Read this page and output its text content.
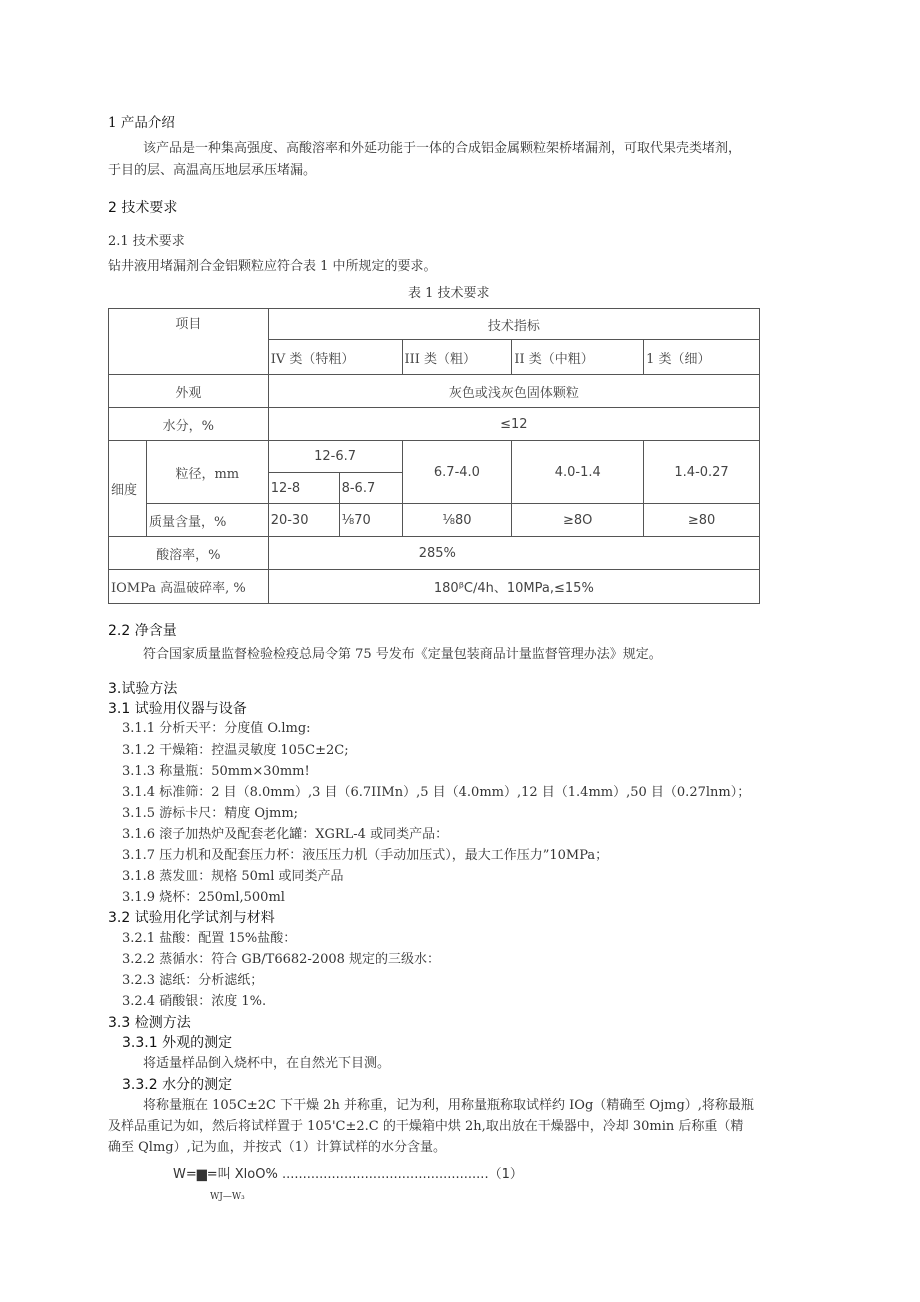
1 产品介绍
该产品是一种集高强度、高酸溶率和外延功能于一体的合成铝金属颗粒架桥堵漏剂，可取代果壳类堵剂，
于目的层、高温高压地层承压堵漏。
2 技术要求
2.1 技术要求
钻井液用堵漏剂合金铝颗粒应符合表 1 中所规定的要求。
表 1 技术要求
项目		技术指标				
		IV 类（特粗）		III 类（粗）	II 类（中粗）	1 类（细）
外观		灰色或浅灰色固体颗粒				
水分，%		≤12				
细度	粒径，mm	12-6.7		6.7-4.0	4.0-1.4	1.4-0.27
		12-8	8-6.7			
	质量含量，%	20-30	⅛70	⅛80	≥8O	≥80
酸溶率，%		285%				
IOMPa 高温破碎率, %		180ᵝC∕4h、10MPa,≤15%				
2.2 净含量
符合国家质量监督检验检疫总局令第 75 号发布《定量包装商品计量监督管理办法》规定。
3.试验方法
3.1 试验用仪器与设备
3.1.1 分析天平：分度值 O.lmg:
3.1.2 干燥箱：控温灵敏度 105C±2C;
3.1.3 称量瓶：50mm×30mm!
3.1.4 标准筛：2 目（8.0mm）,3 目（6.7IIMn）,5 目（4.0mm）,12 目（1.4mm）,50 目（0.27lnm）；
3.1.5 游标卡尺：精度 Ojmm;
3.1.6 滚子加热炉及配套老化罐：XGRL-4 或同类产品：
3.1.7 压力机和及配套压力杯：液压压力机（手动加压式），最大工作压力”10MPa；
3.1.8 蒸发皿：规格 50ml 或同类产品
3.1.9 烧杯：250ml,500ml
3.2 试验用化学试剂与材料
3.2.1 盐酸：配置 15%盐酸：
3.2.2 蒸循水：符合 GB/T6682-2008 规定的三级水：
3.2.3 滤纸：分析滤纸；
3.2.4 硝酸银：浓度 1%.
3.3 检测方法
3.3.1 外观的测定
将适量样品倒入烧杯中，在自然光下目测。
3.3.2 水分的测定
将称量瓶在 105C±2C 下干燥 2h 并称重，记为利，用称量瓶称取试样约 IOg（精确至 Ojmg）,将称最瓶
及样品重记为如，然后将试样置于 105'C±2.C 的干燥箱中烘 2h,取出放在干燥器中，冷却 30min 后称重（精
确至 Qlmg）,记为血，并按式（1）计算试样的水分含量。
W=▆=叫 XloO% ..................................................（1）
WJ—W₃
